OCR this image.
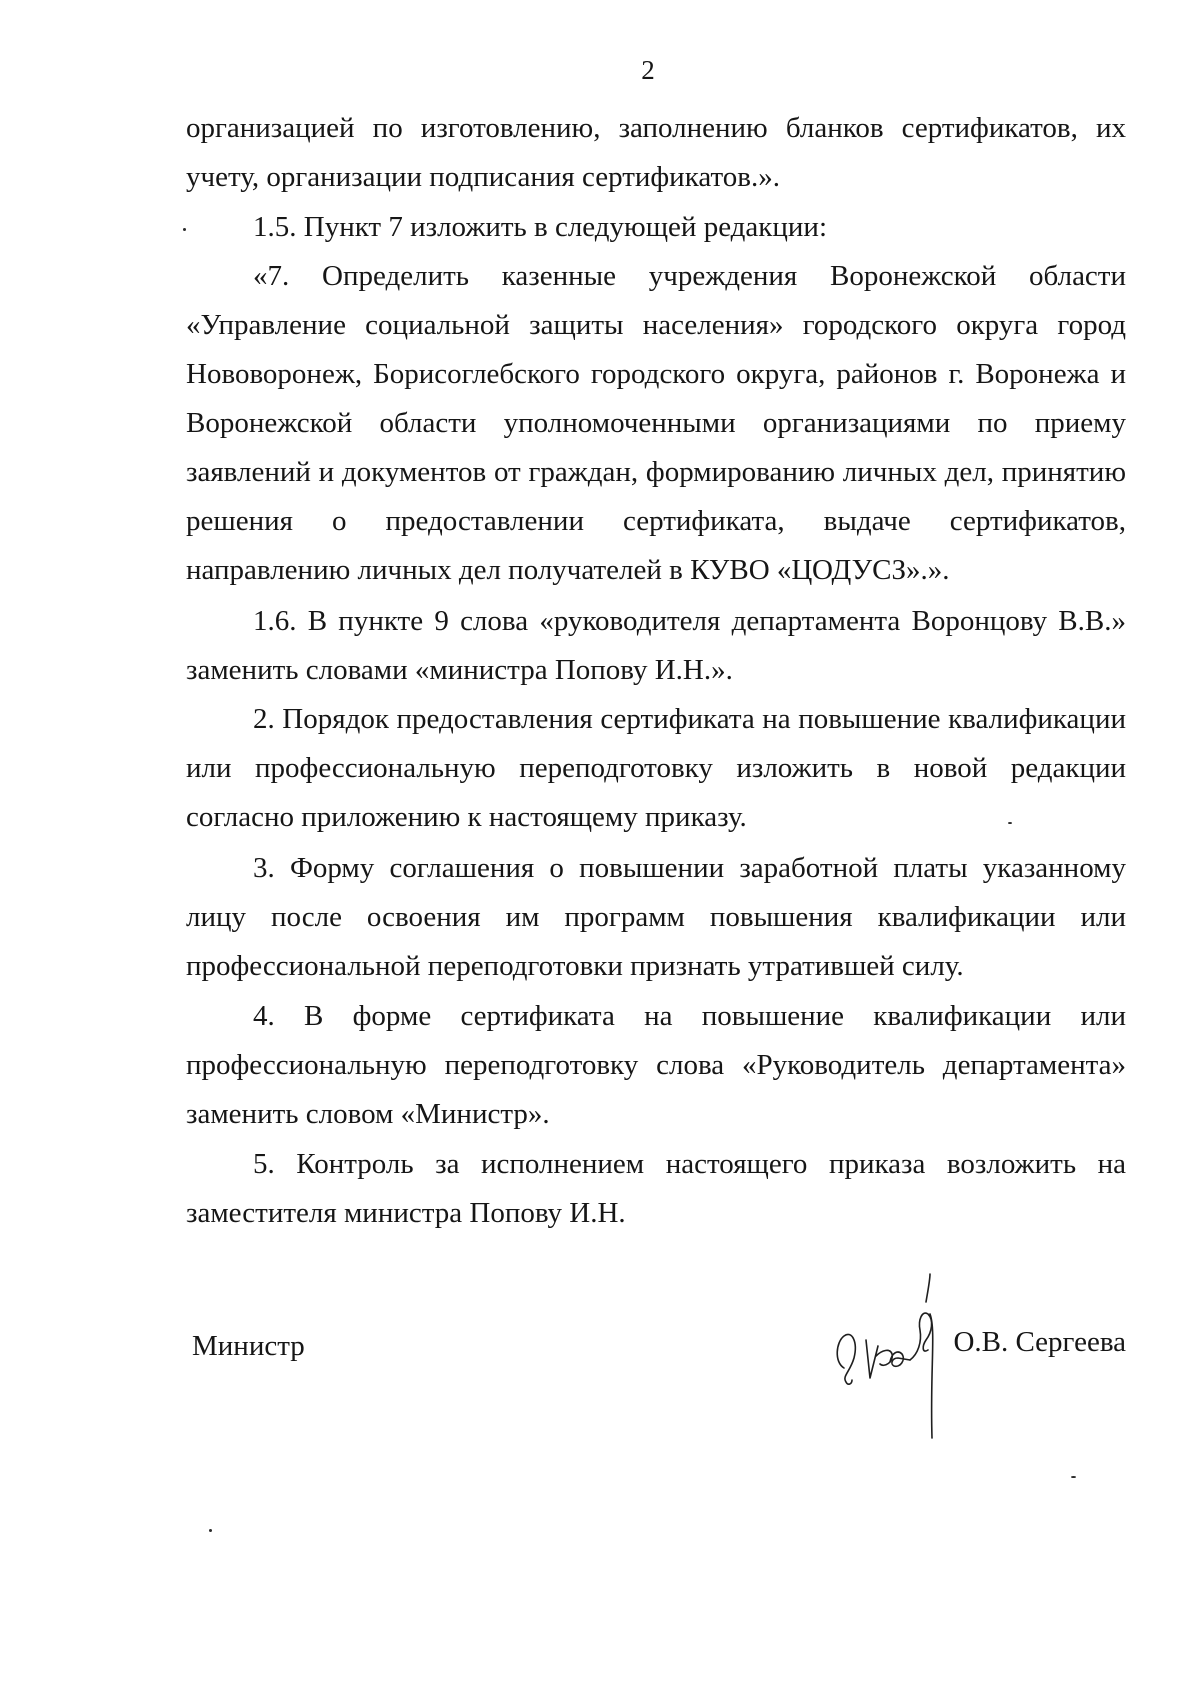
2

организацией по изготовлению, заполнению бланков сертификатов, их учету, организации подписания сертификатов.».

1.5. Пункт 7 изложить в следующей редакции:

«7. Определить казенные учреждения Воронежской области «Управление социальной защиты населения» городского округа город Нововоронеж, Борисоглебского городского округа, районов г. Воронежа и Воронежской области уполномоченными организациями по приему заявлений и документов от граждан, формированию личных дел, принятию решения о предоставлении сертификата, выдаче сертификатов, направлению личных дел получателей в КУВО «ЦОДУСЗ».».

1.6. В пункте 9 слова «руководителя департамента Воронцову В.В.» заменить словами «министра Попову И.Н.».

2. Порядок предоставления сертификата на повышение квалификации или профессиональную переподготовку изложить в новой редакции согласно приложению к настоящему приказу.

3. Форму соглашения о повышении заработной платы указанному лицу после освоения им программ повышения квалификации или профессиональной переподготовки признать утратившей силу.

4. В форме сертификата на повышение квалификации или профессиональную переподготовку слова «Руководитель департамента» заменить словом «Министр».

5. Контроль за исполнением настоящего приказа возложить на заместителя министра Попову И.Н.

Министр	О.В. Сергеева
